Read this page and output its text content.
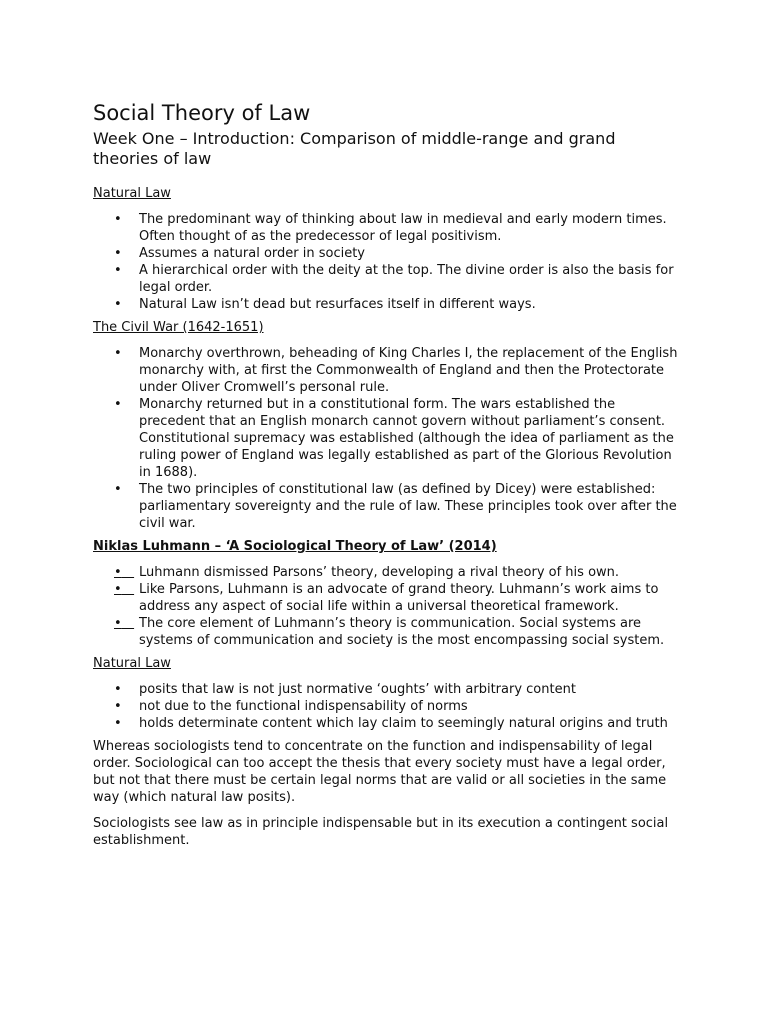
Social Theory of Law
Week One – Introduction: Comparison of middle-range and grand theories of law
Natural Law
• The predominant way of thinking about law in medieval and early modern times. Often thought of as the predecessor of legal positivism.
• Assumes a natural order in society
• A hierarchical order with the deity at the top. The divine order is also the basis for legal order.
• Natural Law isn’t dead but resurfaces itself in different ways.
The Civil War (1642-1651)
• Monarchy overthrown, beheading of King Charles I, the replacement of the English monarchy with, at first the Commonwealth of England and then the Protectorate under Oliver Cromwell’s personal rule.
• Monarchy returned but in a constitutional form. The wars established the precedent that an English monarch cannot govern without parliament’s consent. Constitutional supremacy was established (although the idea of parliament as the ruling power of England was legally established as part of the Glorious Revolution in 1688).
• The two principles of constitutional law (as defined by Dicey) were established: parliamentary sovereignty and the rule of law. These principles took over after the civil war.
Niklas Luhmann – ‘A Sociological Theory of Law’ (2014)
•	Luhmann dismissed Parsons’ theory, developing a rival theory of his own.
•	Like Parsons, Luhmann is an advocate of grand theory. Luhmann’s work aims to address any aspect of social life within a universal theoretical framework.
•	The core element of Luhmann’s theory is communication. Social systems are systems of communication and society is the most encompassing social system.
Natural Law
• posits that law is not just normative ‘oughts’ with arbitrary content
• not due to the functional indispensability of norms
• holds determinate content which lay claim to seemingly natural origins and truth

Whereas sociologists tend to concentrate on the function and indispensability of legal order. Sociological can too accept the thesis that every society must have a legal order, but not that there must be certain legal norms that are valid or all societies in the same way (which natural law posits).

Sociologists see law as in principle indispensable but in its execution a contingent social establishment.
